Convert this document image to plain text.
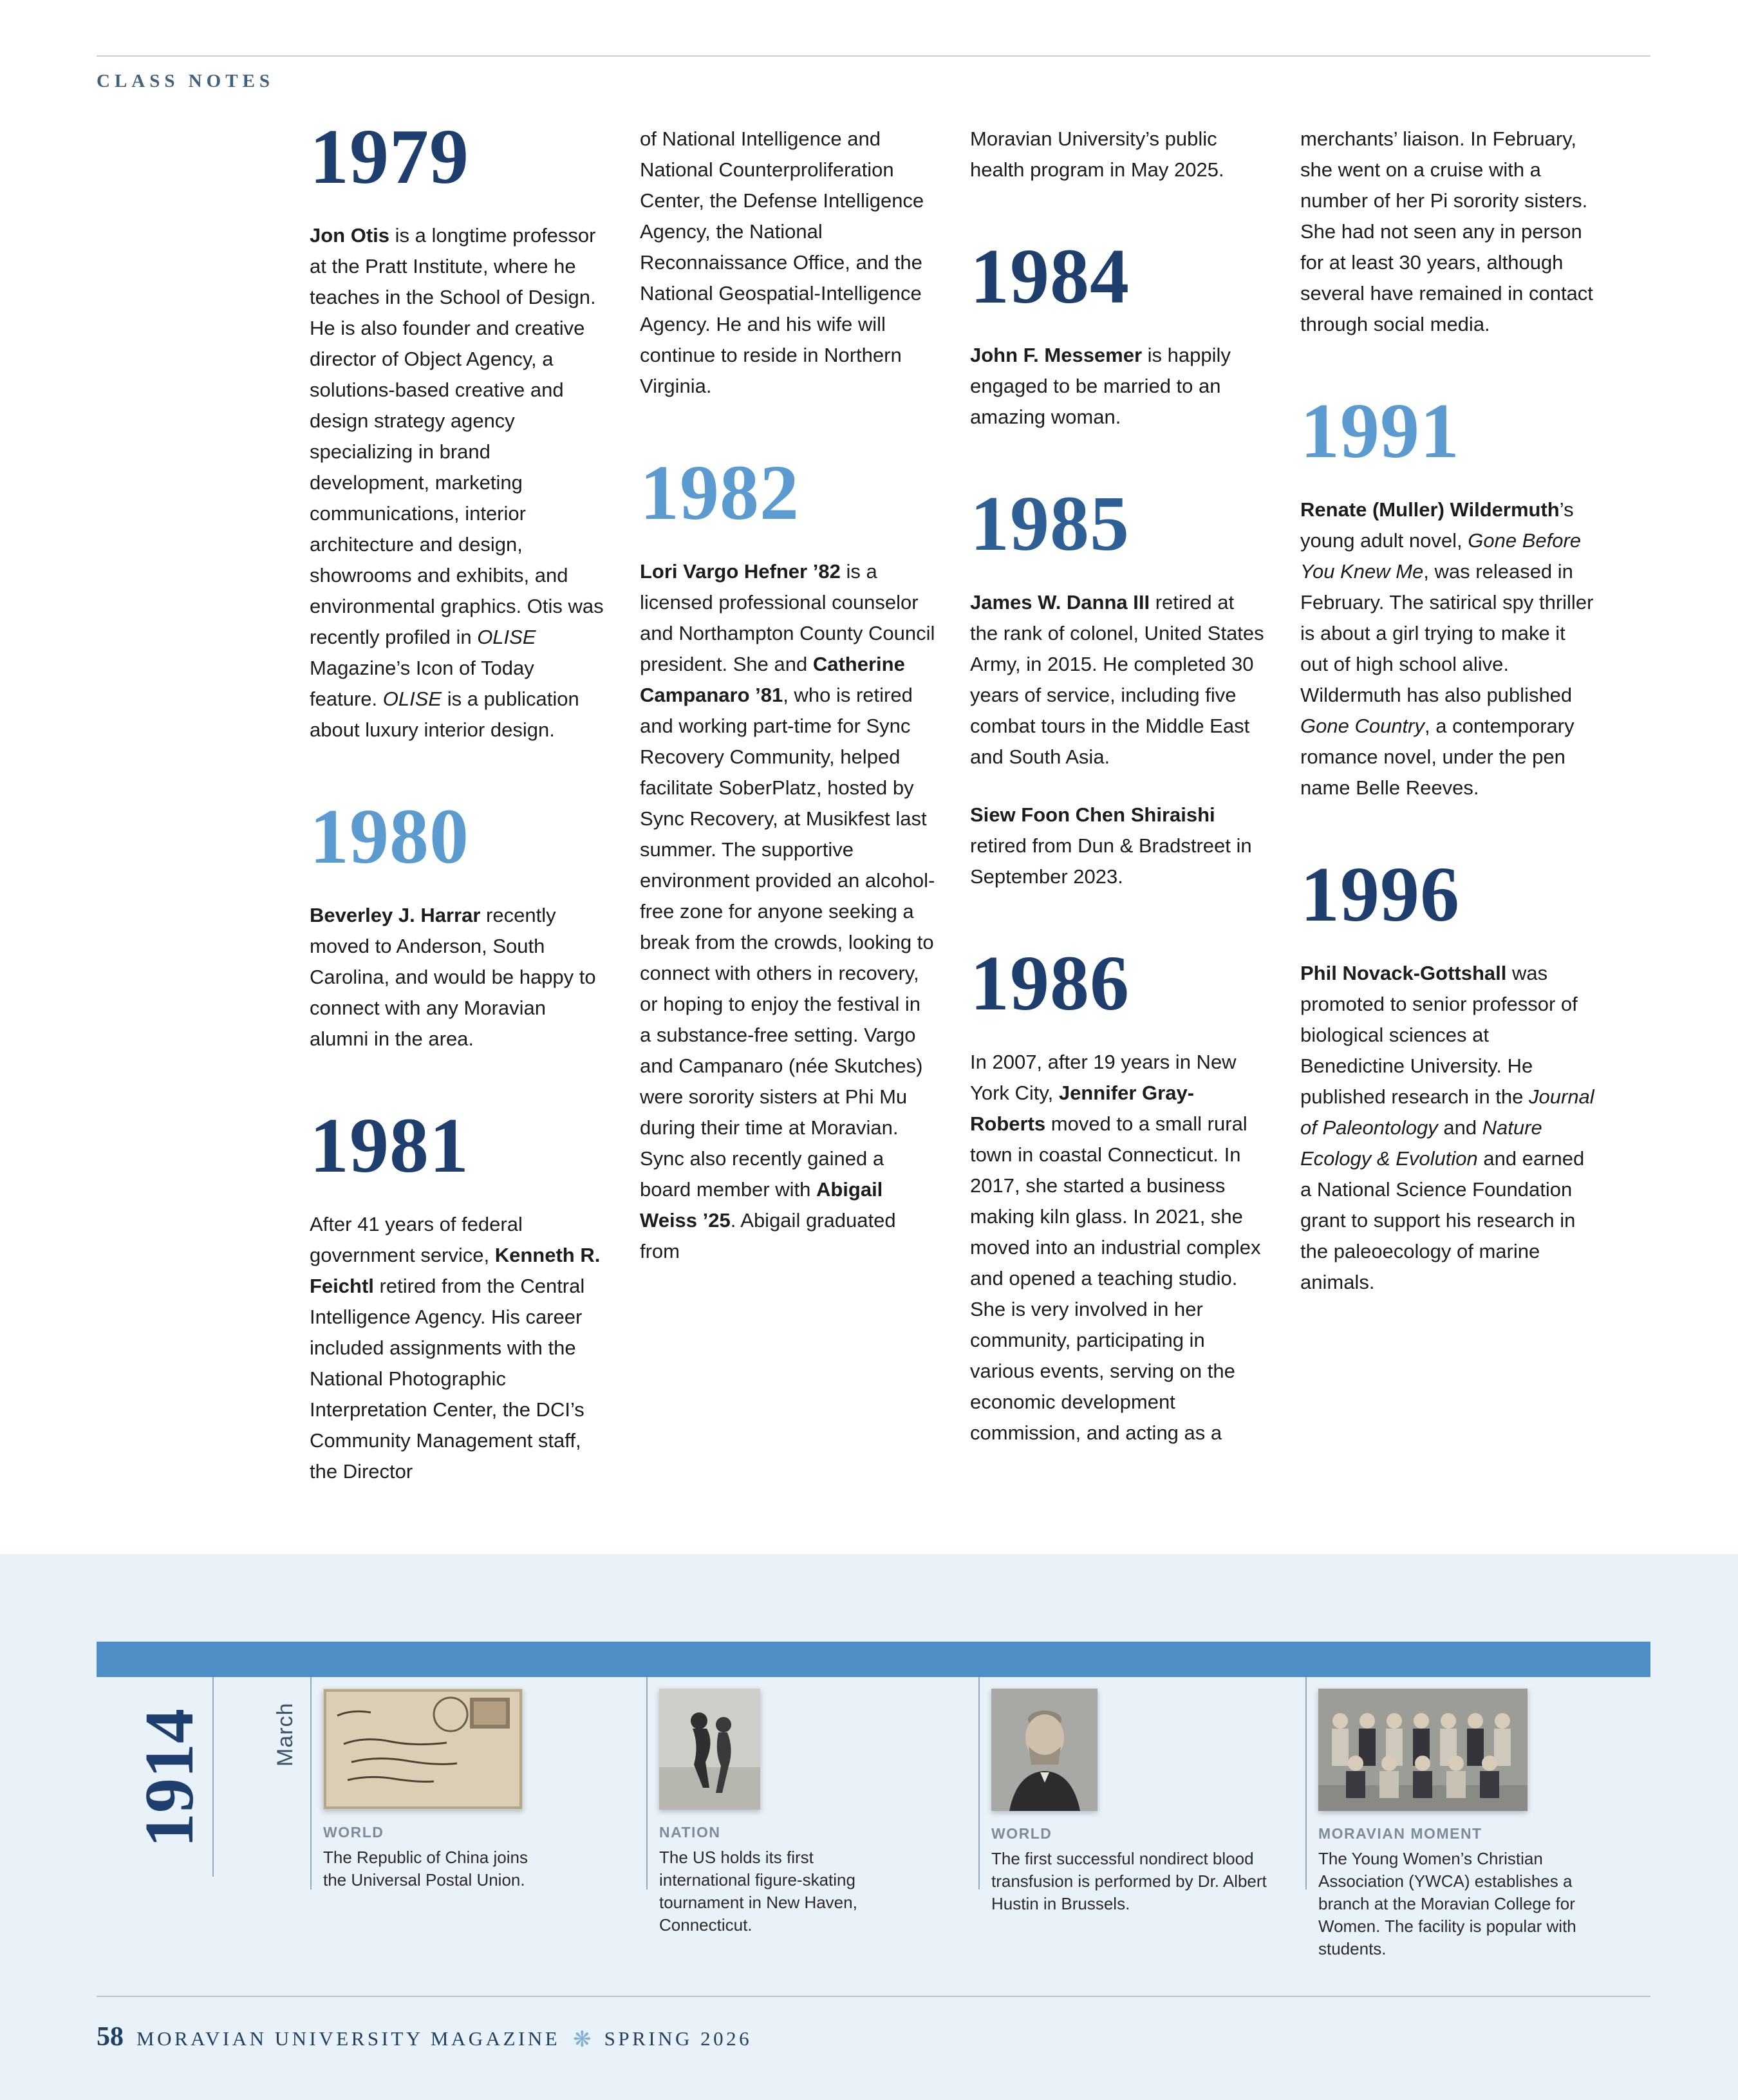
CLASS NOTES
1979

Jon Otis is a longtime professor at the Pratt Institute, where he teaches in the School of Design. He is also founder and creative director of Object Agency, a solutions-based creative and design strategy agency specializing in brand development, marketing communications, interior architecture and design, showrooms and exhibits, and environmental graphics. Otis was recently profiled in OLISE Magazine’s Icon of Today feature. OLISE is a publication about luxury interior design.

1980

Beverley J. Harrar recently moved to Anderson, South Carolina, and would be happy to connect with any Moravian alumni in the area.

1981

After 41 years of federal government service, Kenneth R. Feichtl retired from the Central Intelligence Agency. His career included assignments with the National Photographic Interpretation Center, the DCI’s Community Management staff, the Director

of National Intelligence and National Counterproliferation Center, the Defense Intelligence Agency, the National Reconnaissance Office, and the National Geospatial-Intelligence Agency. He and his wife will continue to reside in Northern Virginia.

1982

Lori Vargo Hefner ’82 is a licensed professional counselor and Northampton County Council president. She and Catherine Campanaro ’81, who is retired and working part-time for Sync Recovery Community, helped facilitate SoberPlatz, hosted by Sync Recovery, at Musikfest last summer. The supportive environment provided an alcohol-free zone for anyone seeking a break from the crowds, looking to connect with others in recovery, or hoping to enjoy the festival in a substance-free setting. Vargo and Campanaro (née Skutches) were sorority sisters at Phi Mu during their time at Moravian. Sync also recently gained a board member with Abigail Weiss ’25. Abigail graduated from

Moravian University’s public health program in May 2025.

1984

John F. Messemer is happily engaged to be married to an amazing woman.

1985

James W. Danna III retired at the rank of colonel, United States Army, in 2015. He completed 30 years of service, including five combat tours in the Middle East and South Asia.

Siew Foon Chen Shiraishi retired from Dun & Bradstreet in September 2023.

1986

In 2007, after 19 years in New York City, Jennifer Gray-Roberts moved to a small rural town in coastal Connecticut. In 2017, she started a business making kiln glass. In 2021, she moved into an industrial complex and opened a teaching studio. She is very involved in her community, participating in various events, serving on the economic development commission, and acting as a

merchants’ liaison. In February, she went on a cruise with a number of her Pi sorority sisters. She had not seen any in person for at least 30 years, although several have remained in contact through social media.

1991

Renate (Muller) Wildermuth’s young adult novel, Gone Before You Knew Me, was released in February. The satirical spy thriller is about a girl trying to make it out of high school alive. Wildermuth has also published Gone Country, a contemporary romance novel, under the pen name Belle Reeves.

1996

Phil Novack-Gottshall was promoted to senior professor of biological sciences at Benedictine University. He published research in the Journal of Paleontology and Nature Ecology & Evolution and earned a National Science Foundation grant to support his research in the paleoecology of marine animals.

1914	March
WORLD

The Republic of China joins the Universal Postal Union.

NATION

The US holds its first international figure-skating tournament in New Haven, Connecticut.

WORLD

The first successful nondirect blood transfusion is performed by Dr. Albert Hustin in Brussels.

MORAVIAN MOMENT

The Young Women’s Christian Association (YWCA) establishes a branch at the Moravian College for Women. The facility is popular with students.

58 MORAVIAN UNIVERSITY MAGAZINE ❋ SPRING 2026
